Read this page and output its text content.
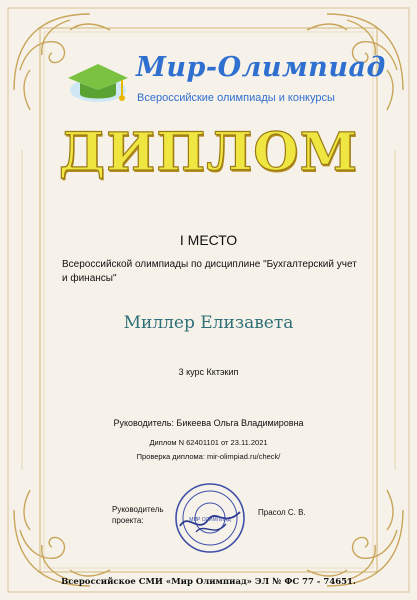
Мир-Олимпиад
Всероссийские олимпиады и конкурсы
ДИПЛОМ
I МЕСТО
Всероссийской олимпиады по дисциплине "Бухгалтерский учет и финансы"
Миллер Елизавета
3 курс Кктэкип
Руководитель: Бикеева Ольга Владимировна
Диплом N 62401101 от 23.11.2021
Проверка диплома: mir-olimpiad.ru/check/
Руководитель проекта:	МИР ОЛИМПИАД
Прасол С. В.
Всероссийское СМИ «Мир Олимпиад» ЭЛ № ФС 77 - 74651.
